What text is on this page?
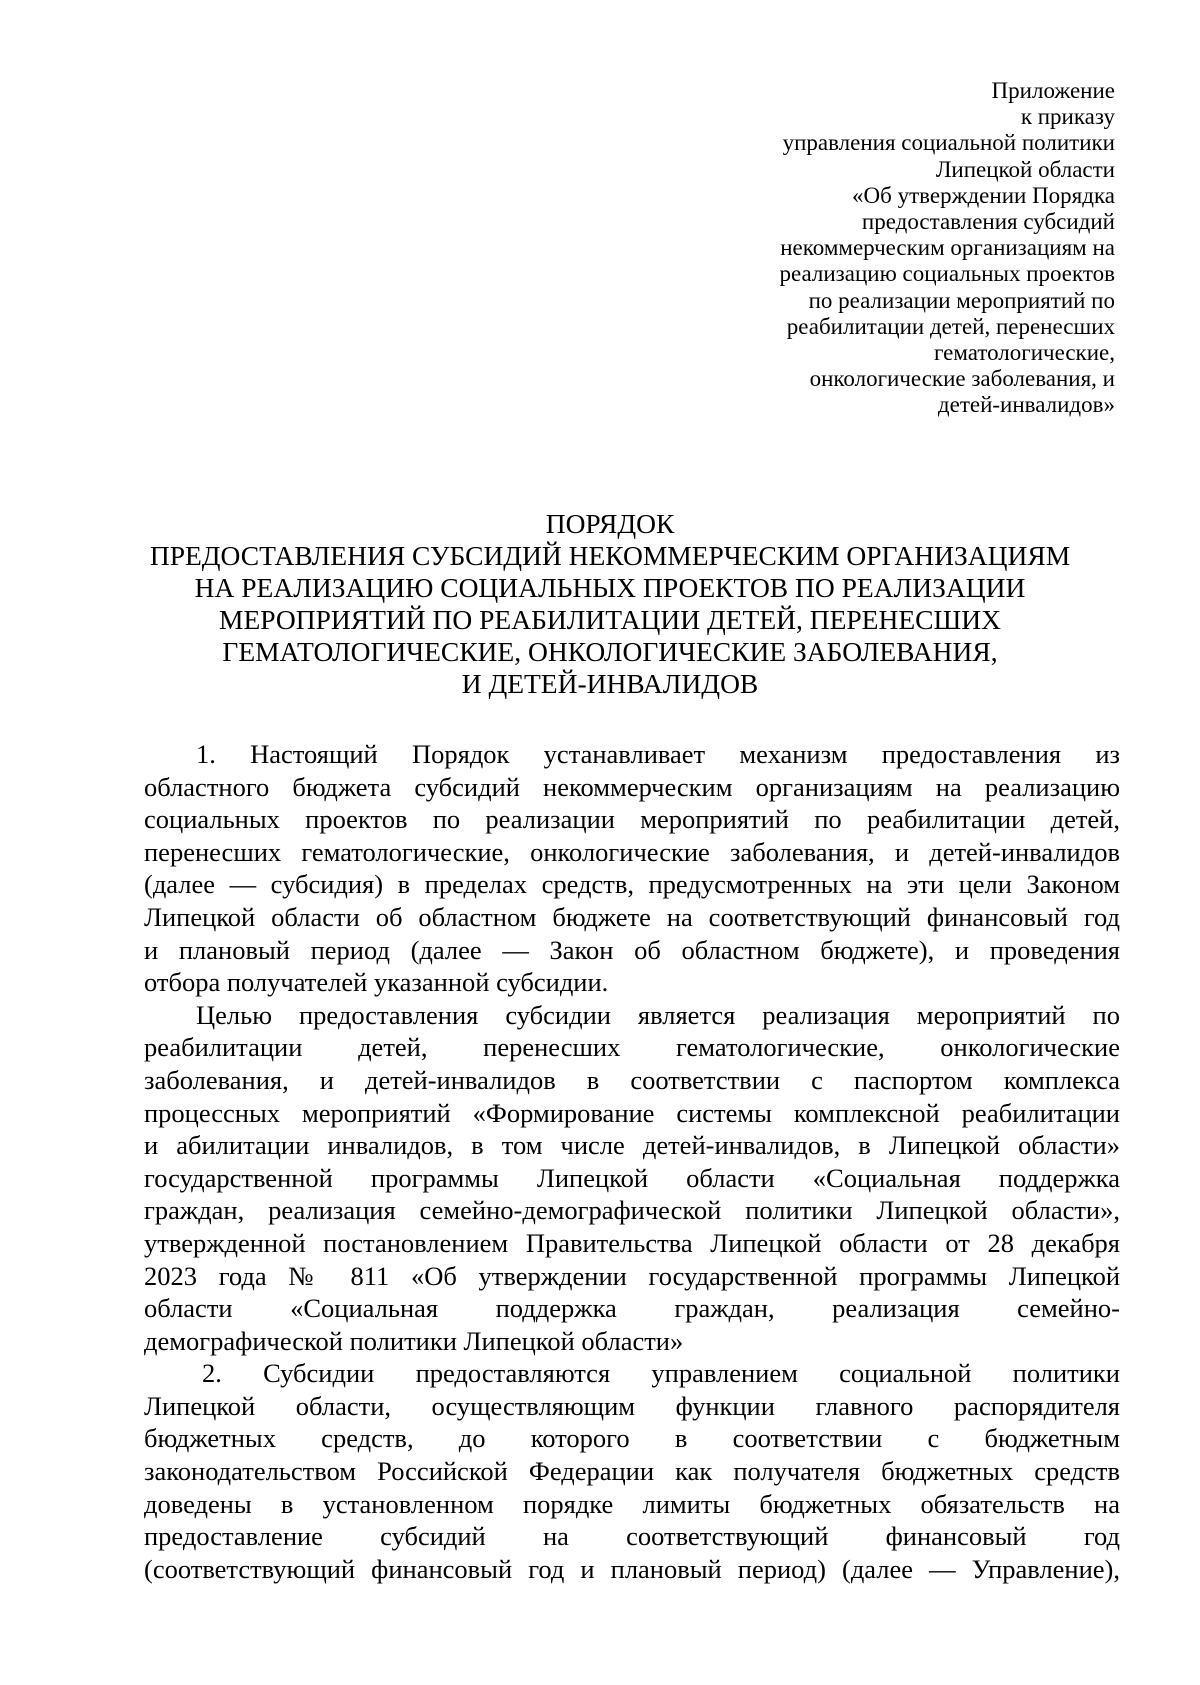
Приложение
к приказу
управления социальной политики
Липецкой области
«Об утверждении Порядка
предоставления субсидий
некоммерческим организациям на
реализацию социальных проектов
по реализации мероприятий по
реабилитации детей, перенесших
гематологические,
онкологические заболевания, и
детей-инвалидов»
ПОРЯДОК
ПРЕДОСТАВЛЕНИЯ СУБСИДИЙ НЕКОММЕРЧЕСКИМ ОРГАНИЗАЦИЯМ
НА РЕАЛИЗАЦИЮ СОЦИАЛЬНЫХ ПРОЕКТОВ ПО РЕАЛИЗАЦИИ
МЕРОПРИЯТИЙ ПО РЕАБИЛИТАЦИИ ДЕТЕЙ, ПЕРЕНЕСШИХ
ГЕМАТОЛОГИЧЕСКИЕ, ОНКОЛОГИЧЕСКИЕ ЗАБОЛЕВАНИЯ,
И ДЕТЕЙ-ИНВАЛИДОВ
1. Настоящий Порядок устанавливает механизм предоставления из
областного бюджета субсидий некоммерческим организациям на реализацию
социальных проектов по реализации мероприятий по реабилитации детей,
перенесших гематологические, онкологические заболевания, и детей-инвалидов
(далее — субсидия) в пределах средств, предусмотренных на эти цели Законом
Липецкой области об областном бюджете на соответствующий финансовый год
и плановый период (далее — Закон об областном бюджете), и проведения
отбора получателей указанной субсидии.
Целью предоставления субсидии является реализация мероприятий по
реабилитации детей, перенесших гематологические, онкологические
заболевания, и детей-инвалидов в соответствии с паспортом комплекса
процессных мероприятий «Формирование системы комплексной реабилитации
и абилитации инвалидов, в том числе детей-инвалидов, в Липецкой области»
государственной программы Липецкой области «Социальная поддержка
граждан, реализация семейно-демографической политики Липецкой области»,
утвержденной постановлением Правительства Липецкой области от 28 декабря
2023 года № 811 «Об утверждении государственной программы Липецкой
области «Социальная поддержка граждан, реализация семейно-
демографической политики Липецкой области»
2. Субсидии предоставляются управлением социальной политики
Липецкой области, осуществляющим функции главного распорядителя
бюджетных средств, до которого в соответствии с бюджетным
законодательством Российской Федерации как получателя бюджетных средств
доведены в установленном порядке лимиты бюджетных обязательств на
предоставление субсидий на соответствующий финансовый год
(соответствующий финансовый год и плановый период) (далее — Управление),
